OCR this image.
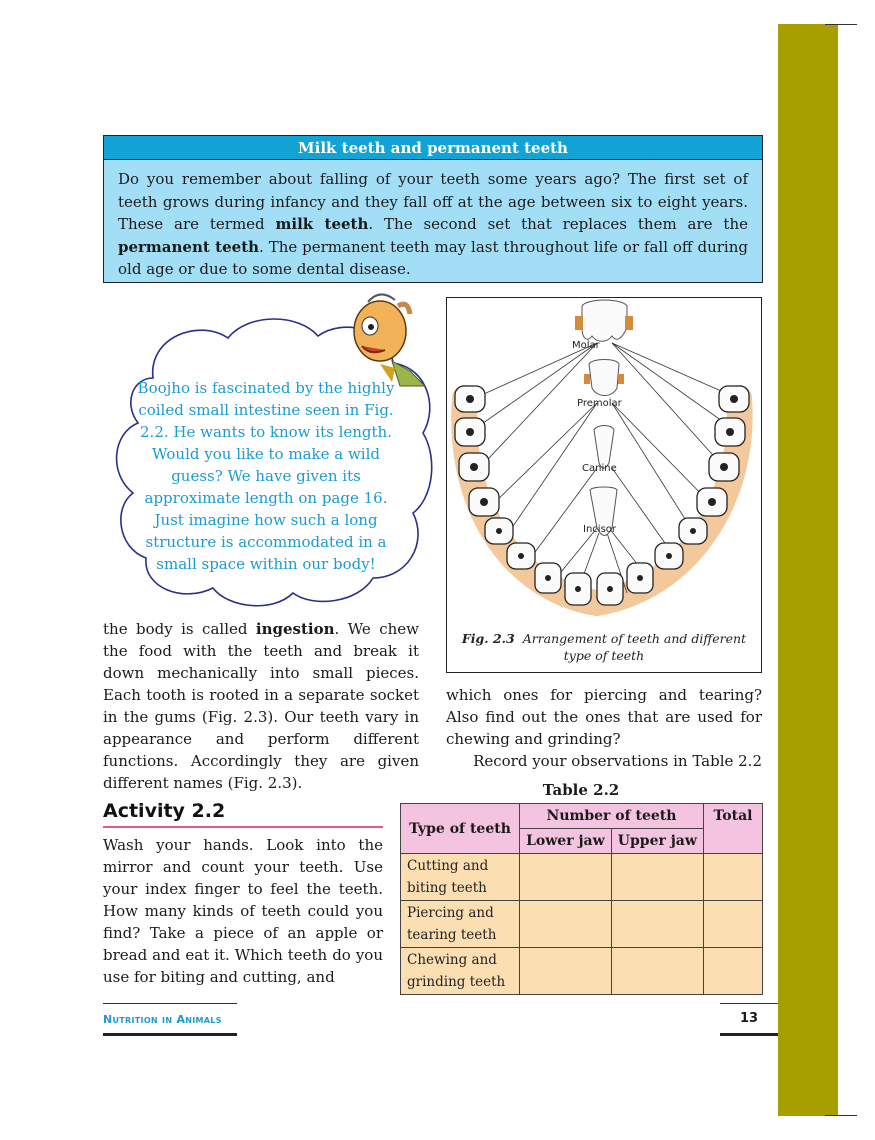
Milk teeth and permanent teeth
Do you remember about falling of your teeth some years ago? The first set of teeth grows during infancy and they fall off at the age between six to eight years. These are termed milk teeth. The second set that replaces them are the permanent teeth. The permanent teeth may last throughout life or fall off during old age or due to some dental disease.
Boojho is fascinated by the highly coiled small intestine seen in Fig. 2.2. He wants to know its length. Would you like to make a wild guess? We have given its approximate length on page 16. Just imagine how such a long structure is accommodated in a small space within our body!
Molar
Premolar
Canine
Incisor
Fig. 2.3 Arrangement of teeth and different type of teeth
the body is called ingestion. We chew the food with the teeth and break it down mechanically into small pieces. Each tooth is rooted in a separate socket in the gums (Fig. 2.3). Our teeth vary in appearance and perform different functions. Accordingly they are given different names (Fig. 2.3).
which ones for piercing and tearing? Also find out the ones that are used for chewing and grinding?
Record your observations in Table 2.2
Activity 2.2
Wash your hands. Look into the mirror and count your teeth. Use your index finger to feel the teeth. How many kinds of teeth could you find? Take a piece of an apple or bread and eat it. Which teeth do you use for biting and cutting, and
Table 2.2
Type of teeth	Number of teeth		Total
	Lower jaw	Upper jaw	
Cutting and biting teeth			
Piercing and tearing teeth			
Chewing and grinding teeth			
Nutrition in Animals	13
